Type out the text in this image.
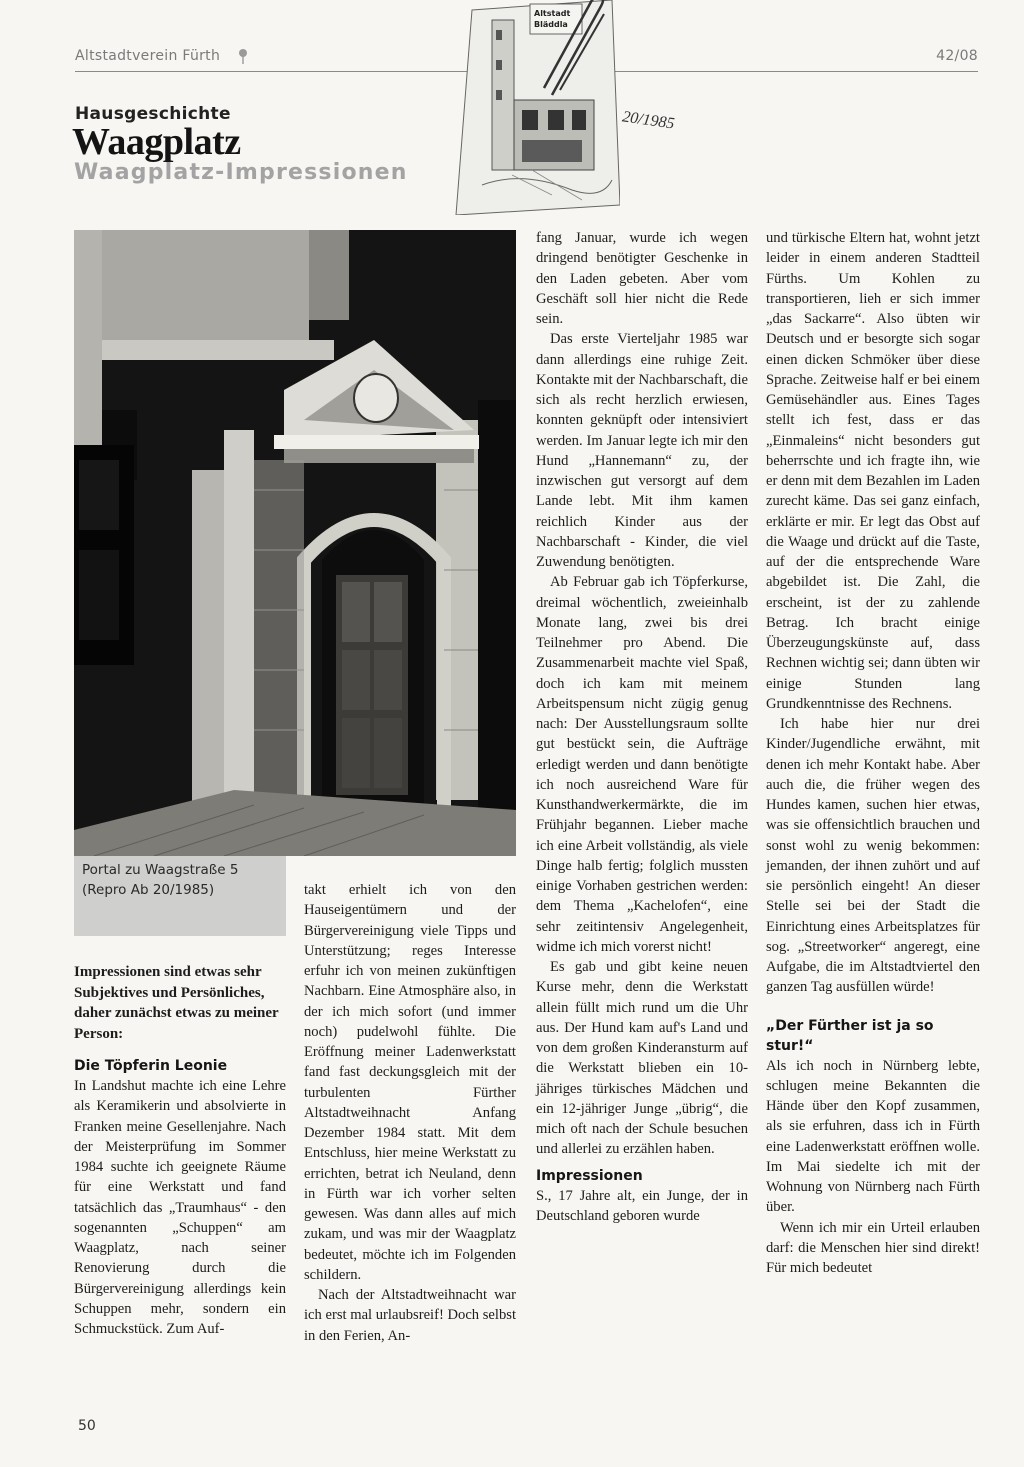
Altstadtverein Fürth	42/08
Hausgeschichte
Waagplatz
Waagplatz-Impressionen
Altstadt
Bläddla
20/1985
Portal zu Waagstraße 5
(Repro Ab 20/1985)

Impressionen sind etwas sehr Subjektives und Persönliches, daher zunächst etwas zu meiner Person:

Die Töpferin Leonie

In Landshut machte ich eine Lehre als Keramikerin und absolvierte in Franken meine Gesellenjahre. Nach der Meisterprüfung im Sommer 1984 suchte ich geeignete Räume für eine Werkstatt und fand tatsächlich das „Traumhaus“ - den sogenannten „Schuppen“ am Waagplatz, nach seiner Renovierung durch die Bürgervereinigung allerdings kein Schuppen mehr, sondern ein Schmuckstück. Zum Auf-

takt erhielt ich von den Hauseigentümern und der Bürgervereinigung viele Tipps und Unterstützung; reges Interesse erfuhr ich von meinen zukünftigen Nachbarn. Eine Atmosphäre also, in der ich mich sofort (und immer noch) pudelwohl fühlte. Die Eröffnung meiner Ladenwerkstatt fand fast deckungsgleich mit der turbulenten Fürther Altstadtweihnacht Anfang Dezember 1984 statt. Mit dem Entschluss, hier meine Werkstatt zu errichten, betrat ich Neuland, denn in Fürth war ich vorher selten gewesen. Was dann alles auf mich zukam, und was mir der Waagplatz bedeutet, möchte ich im Folgenden schildern.

Nach der Altstadtweihnacht war ich erst mal urlaubsreif! Doch selbst in den Ferien, An-

fang Januar, wurde ich wegen dringend benötigter Geschenke in den Laden gebeten. Aber vom Geschäft soll hier nicht die Rede sein.

Das erste Vierteljahr 1985 war dann allerdings eine ruhige Zeit. Kontakte mit der Nachbarschaft, die sich als recht herzlich erwiesen, konnten geknüpft oder intensiviert werden. Im Januar legte ich mir den Hund „Hannemann“ zu, der inzwischen gut versorgt auf dem Lande lebt. Mit ihm kamen reichlich Kinder aus der Nachbarschaft - Kinder, die viel Zuwendung benötigten.

Ab Februar gab ich Töpferkurse, dreimal wöchentlich, zweieinhalb Monate lang, zwei bis drei Teilnehmer pro Abend. Die Zusammenarbeit machte viel Spaß, doch ich kam mit meinem Arbeitspensum nicht zügig genug nach: Der Ausstellungsraum sollte gut bestückt sein, die Aufträge erledigt werden und dann benötigte ich noch ausreichend Ware für Kunsthandwerkermärkte, die im Frühjahr begannen. Lieber mache ich eine Arbeit vollständig, als viele Dinge halb fertig; folglich mussten einige Vorhaben gestrichen werden: dem Thema „Kachelofen“, eine sehr zeitintensiv Angelegenheit, widme ich mich vorerst nicht!

Es gab und gibt keine neuen Kurse mehr, denn die Werkstatt allein füllt mich rund um die Uhr aus. Der Hund kam auf's Land und von dem großen Kinderansturm auf die Werkstatt blieben ein 10-jähriges türkisches Mädchen und ein 12-jähriger Junge „übrig“, die mich oft nach der Schule besuchen und allerlei zu erzählen haben.

Impressionen

S., 17 Jahre alt, ein Junge, der in Deutschland geboren wurde

und türkische Eltern hat, wohnt jetzt leider in einem anderen Stadtteil Fürths. Um Kohlen zu transportieren, lieh er sich immer „das Sackarre“. Also übten wir Deutsch und er besorgte sich sogar einen dicken Schmöker über diese Sprache. Zeitweise half er bei einem Gemüsehändler aus. Eines Tages stellt ich fest, dass er das „Einmaleins“ nicht besonders gut beherrschte und ich fragte ihn, wie er denn mit dem Bezahlen im Laden zurecht käme. Das sei ganz einfach, erklärte er mir. Er legt das Obst auf die Waage und drückt auf die Taste, auf der die entsprechende Ware abgebildet ist. Die Zahl, die erscheint, ist der zu zahlende Betrag. Ich bracht einige Überzeugungskünste auf, dass Rechnen wichtig sei; dann übten wir einige Stunden lang Grundkenntnisse des Rechnens.

Ich habe hier nur drei Kinder/Jugendliche erwähnt, mit denen ich mehr Kontakt habe. Aber auch die, die früher wegen des Hundes kamen, suchen hier etwas, was sie offensichtlich brauchen und sonst wohl zu wenig bekommen: jemanden, der ihnen zuhört und auf sie persönlich eingeht! An dieser Stelle sei bei der Stadt die Einrichtung eines Arbeitsplatzes für sog. „Streetworker“ angeregt, eine Aufgabe, die im Altstadtviertel den ganzen Tag ausfüllen würde!

„Der Fürther ist ja so stur!“

Als ich noch in Nürnberg lebte, schlugen meine Bekannten die Hände über den Kopf zusammen, als sie erfuhren, dass ich in Fürth eine Ladenwerkstatt eröffnen wolle. Im Mai siedelte ich mit der Wohnung von Nürnberg nach Fürth über.

Wenn ich mir ein Urteil erlauben darf: die Menschen hier sind direkt! Für mich bedeutet

50
